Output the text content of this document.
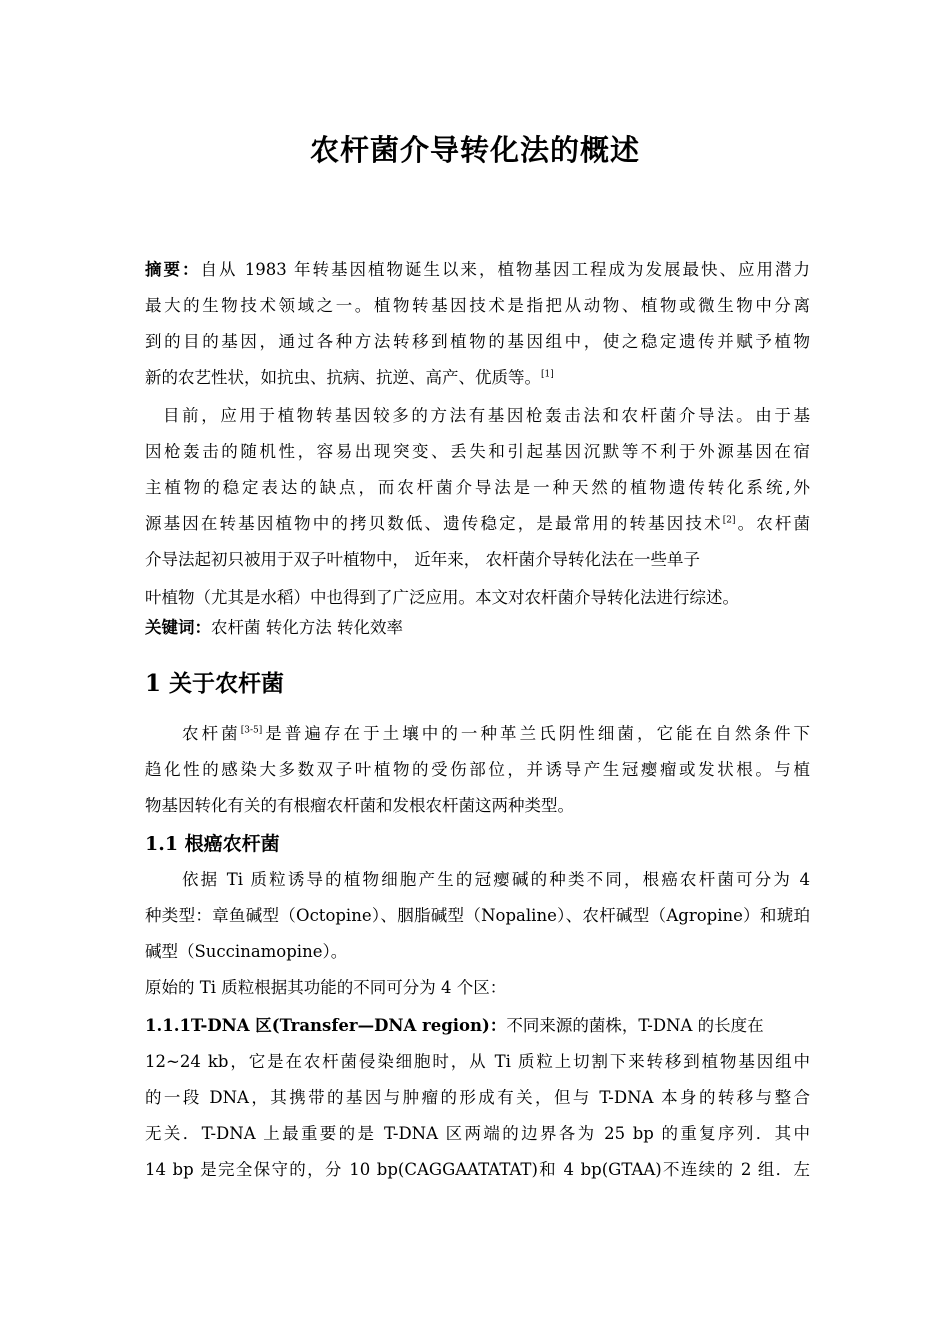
农杆菌介导转化法的概述
摘要：自从 1983 年转基因植物诞生以来，植物基因工程成为发展最快、应用潜力
最大的生物技术领域之一。植物转基因技术是指把从动物、植物或微生物中分离
到的目的基因，通过各种方法转移到植物的基因组中，使之稳定遗传并赋予植物
新的农艺性状，如抗虫、抗病、抗逆、高产、优质等。[1]
目前，应用于植物转基因较多的方法有基因枪轰击法和农杆菌介导法。由于基
因枪轰击的随机性，容易出现突变、丢失和引起基因沉默等不利于外源基因在宿
主植物的稳定表达的缺点，而农杆菌介导法是一种天然的植物遗传转化系统,外
源基因在转基因植物中的拷贝数低、遗传稳定，是最常用的转基因技术[2]。农杆菌
介导法起初只被用于双子叶植物中， 近年来， 农杆菌介导转化法在一些单子
叶植物（尤其是水稻）中也得到了广泛应用。本文对农杆菌介导转化法进行综述。
关键词：农杆菌 转化方法 转化效率
1 关于农杆菌
农杆菌[3-5]是普遍存在于土壤中的一种革兰氏阴性细菌，它能在自然条件下
趋化性的感染大多数双子叶植物的受伤部位，并诱导产生冠瘿瘤或发状根。与植
物基因转化有关的有根瘤农杆菌和发根农杆菌这两种类型。
1.1 根癌农杆菌
依据 Ti 质粒诱导的植物细胞产生的冠瘿碱的种类不同，根癌农杆菌可分为 4
种类型：章鱼碱型（Octopine）、胭脂碱型（Nopaline）、农杆碱型（Agropine）和琥珀
碱型（Succinamopine）。
原始的 Ti 质粒根据其功能的不同可分为 4 个区：
1.1.1T-DNA 区(Transfer—DNA region)：不同来源的菌株，T-DNA 的长度在
12~24 kb，它是在农杆菌侵染细胞时，从 Ti 质粒上切割下来转移到植物基因组中
的一段 DNA，其携带的基因与肿瘤的形成有关，但与 T-DNA 本身的转移与整合
无关．T-DNA 上最重要的是 T-DNA 区两端的边界各为 25 bp 的重复序列．其中
14 bp 是完全保守的，分 10 bp(CAGGAATATAT)和 4 bp(GTAA)不连续的 2 组．左
